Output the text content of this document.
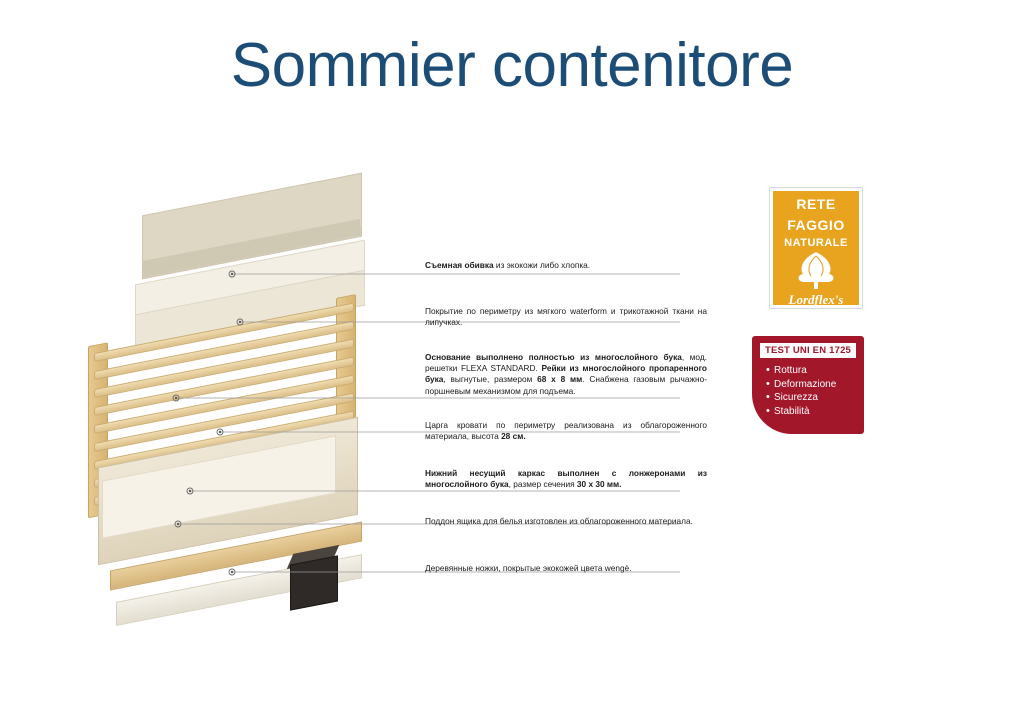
Sommier contenitore
Съемная обивка из экокожи либо хлопка.
Покрытие по периметру из мягкого waterform и трикотажной ткани на липучках.
Основание выполнено полностью из многослойного бука, мод. решетки FLEXA STANDARD. Рейки из многослойного пропаренного бука, выгнутые, размером 68 x 8 мм. Снабжена газовым рычажно-поршневым механизмом для подъема.
Царга кровати по периметру реализована из облагороженного материала, высота 28 см.
Нижний несущий каркас выполнен с лонжеронами из многослойного бука, размер сечения 30 x 30 мм.
Поддон ящика для белья изготовлен из облагороженного материала.
Деревянные ножки, покрытые экокожей цвета wengè.
RETE
FAGGIO
NATURALE
Lordflex's
TEST UNI EN 1725
• Rottura
• Deformazione
• Sicurezza
• Stabilità
